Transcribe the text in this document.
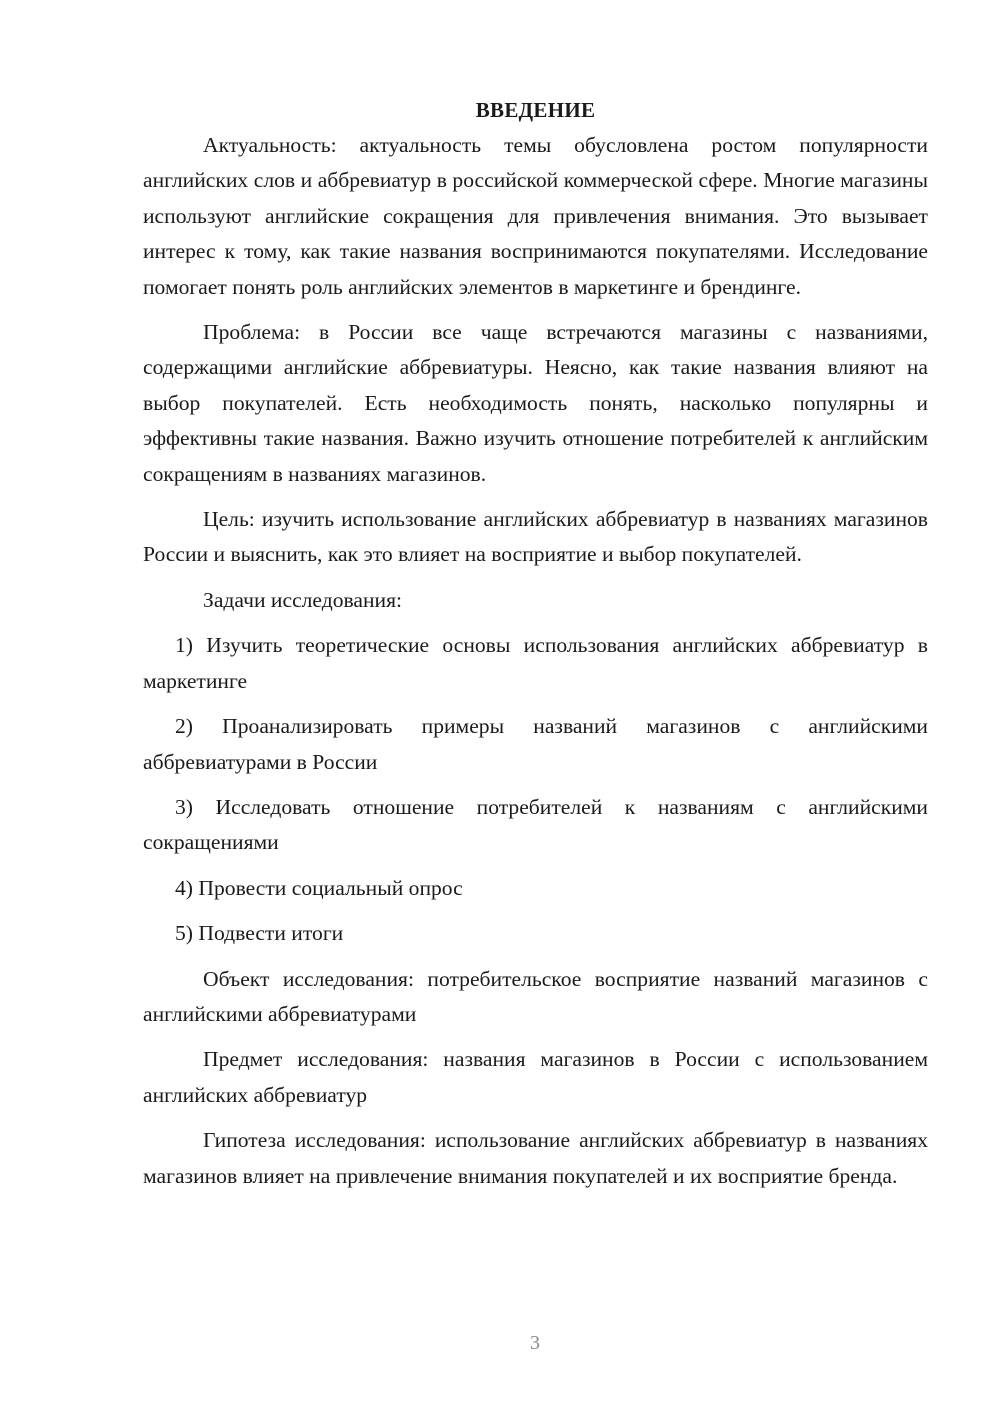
ВВЕДЕНИЕ

Актуальность: актуальность темы обусловлена ростом популярности английских слов и аббревиатур в российской коммерческой сфере. Многие магазины используют английские сокращения для привлечения внимания. Это вызывает интерес к тому, как такие названия воспринимаются покупателями. Исследование помогает понять роль английских элементов в маркетинге и брендинге.

Проблема: в России все чаще встречаются магазины с названиями, содержащими английские аббревиатуры. Неясно, как такие названия влияют на выбор покупателей. Есть необходимость понять, насколько популярны и эффективны такие названия. Важно изучить отношение потребителей к английским сокращениям в названиях магазинов.

Цель: изучить использование английских аббревиатур в названиях магазинов России и выяснить, как это влияет на восприятие и выбор покупателей.

Задачи исследования:

1) Изучить теоретические основы использования английских аббревиатур в маркетинге

2) Проанализировать примеры названий магазинов с английскими аббревиатурами в России

3) Исследовать отношение потребителей к названиям с английскими сокращениями

4) Провести социальный опрос

5) Подвести итоги

Объект исследования: потребительское восприятие названий магазинов с английскими аббревиатурами

Предмет исследования: названия магазинов в России с использованием английских аббревиатур

Гипотеза исследования: использование английских аббревиатур в названиях магазинов влияет на привлечение внимания покупателей и их восприятие бренда.

3
